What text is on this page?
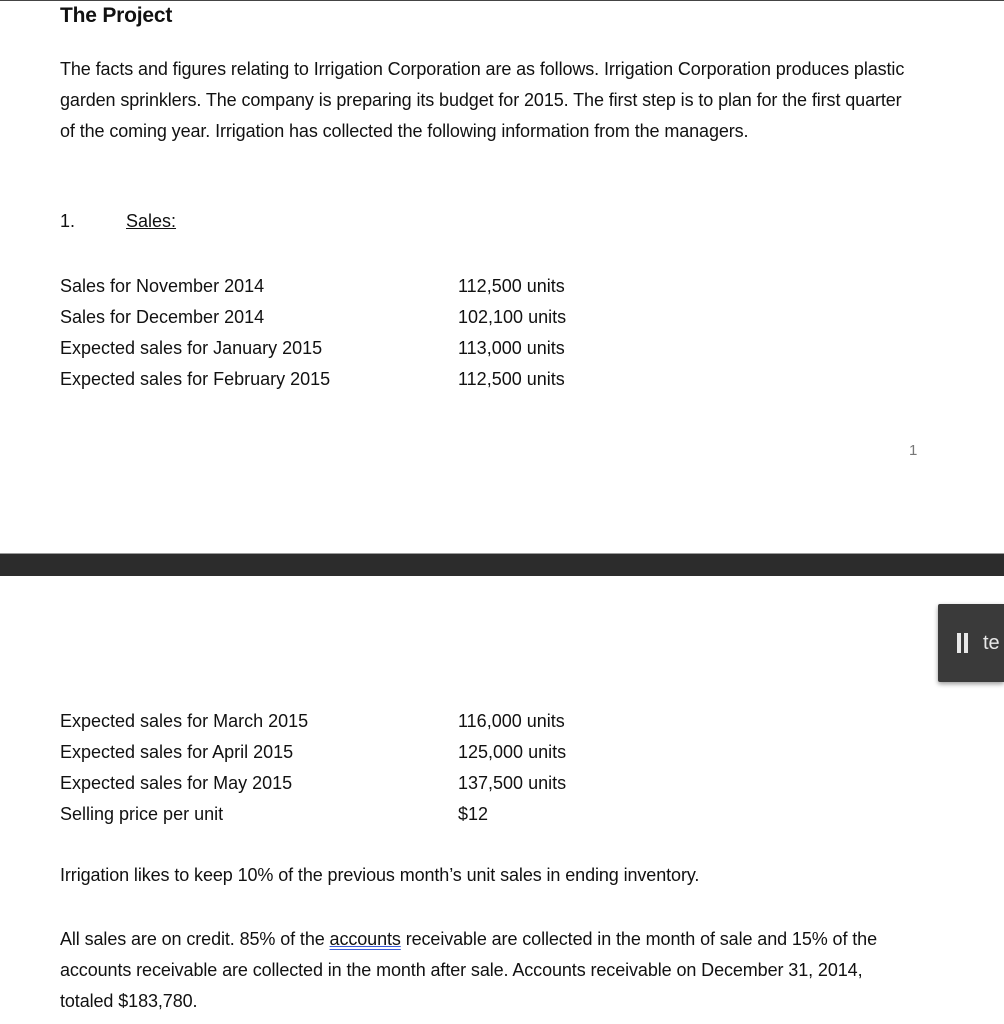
The Project
The facts and figures relating to Irrigation Corporation are as follows. Irrigation Corporation produces plastic garden sprinklers. The company is preparing its budget for 2015. The first step is to plan for the first quarter of the coming year. Irrigation has collected the following information from the managers.
1.	Sales:
Sales for November 2014	112,500 units
Sales for December 2014	102,100 units
Expected sales for January 2015	113,000 units
Expected sales for February 2015	112,500 units
1
Expected sales for March 2015	116,000 units
Expected sales for April 2015	125,000 units
Expected sales for May 2015	137,500 units
Selling price per unit	$12
Irrigation likes to keep 10% of the previous month’s unit sales in ending inventory.
All sales are on credit. 85% of the accounts receivable are collected in the month of sale and 15% of the accounts receivable are collected in the month after sale. Accounts receivable on December 31, 2014, totaled $183,780.
te
